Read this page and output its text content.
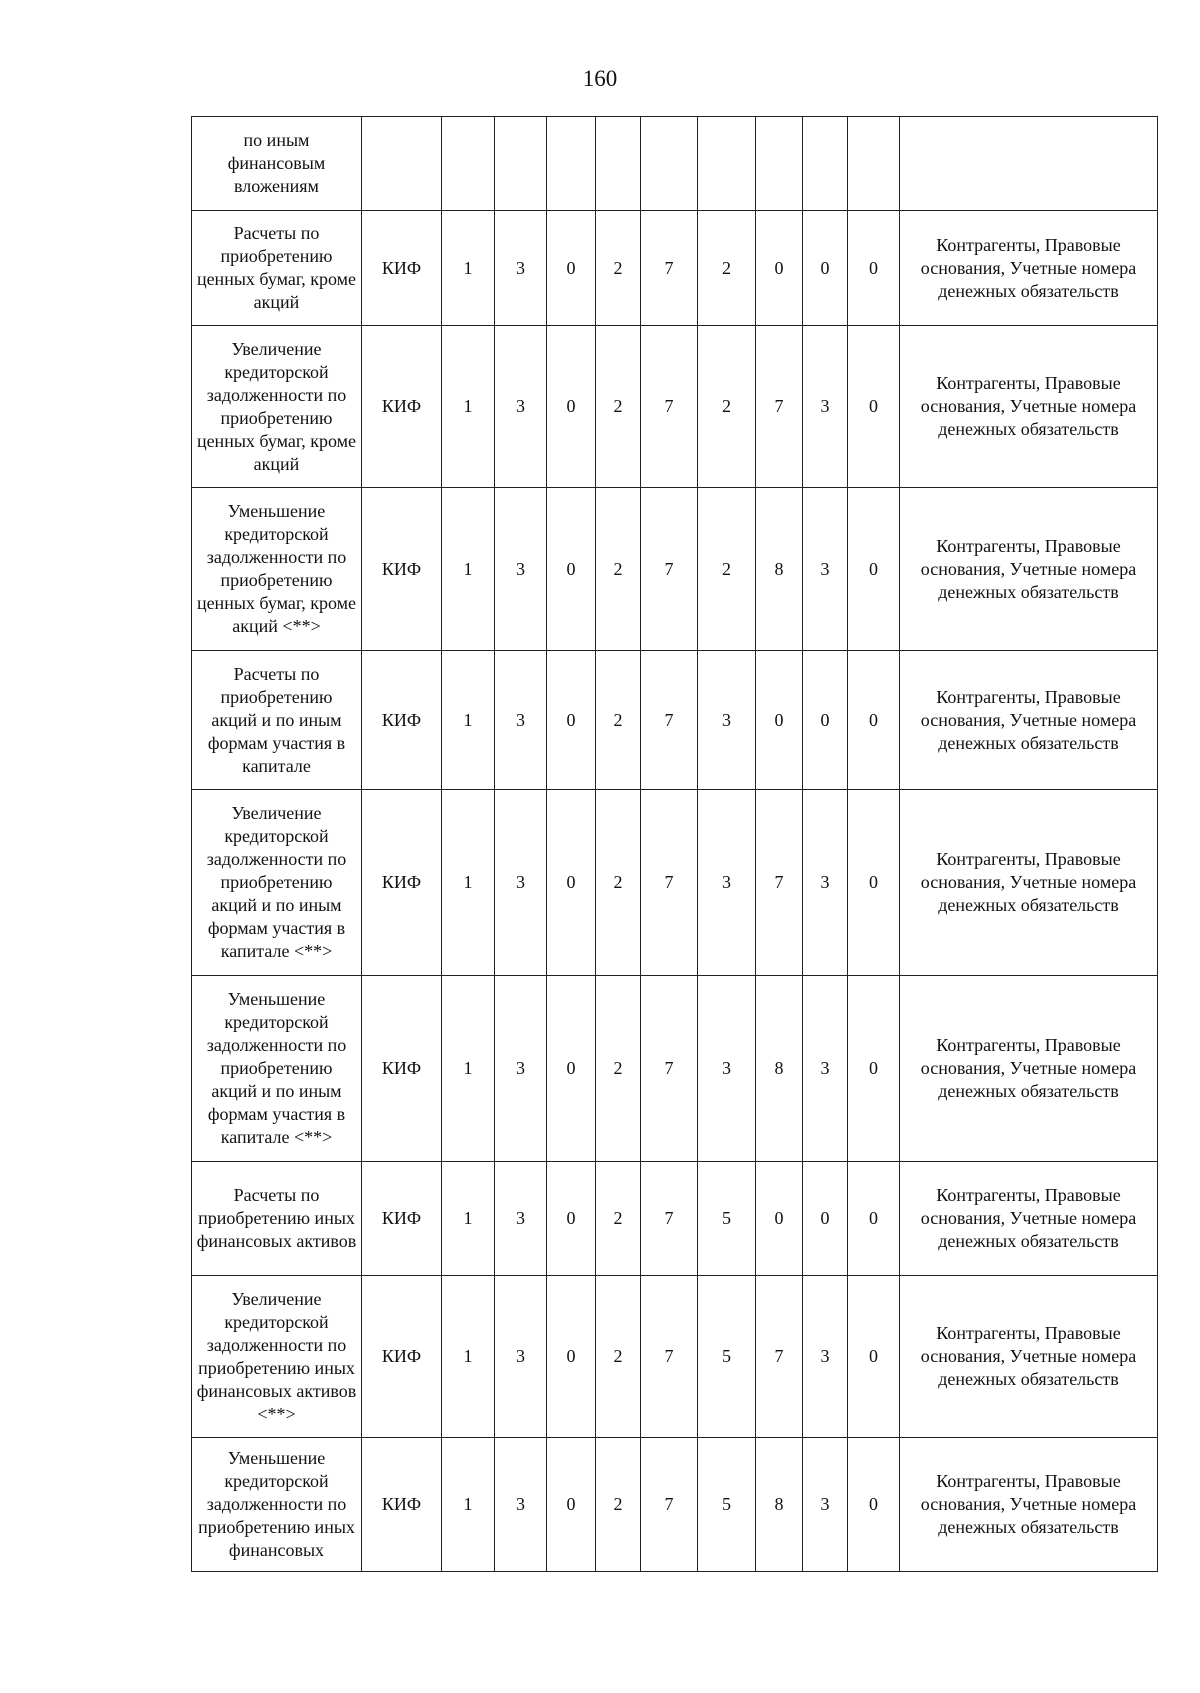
160
по иным финансовым вложениям											
Расчеты по приобретению ценных бумаг, кроме акций	КИФ	1	3	0	2	7	2	0	0	0	Контрагенты, Правовые основания, Учетные номера денежных обязательств
Увеличение кредиторской задолженности по приобретению ценных бумаг, кроме акций	КИФ	1	3	0	2	7	2	7	3	0	Контрагенты, Правовые основания, Учетные номера денежных обязательств
Уменьшение кредиторской задолженности по приобретению ценных бумаг, кроме акций <**>	КИФ	1	3	0	2	7	2	8	3	0	Контрагенты, Правовые основания, Учетные номера денежных обязательств
Расчеты по приобретению акций и по иным формам участия в капитале	КИФ	1	3	0	2	7	3	0	0	0	Контрагенты, Правовые основания, Учетные номера денежных обязательств
Увеличение кредиторской задолженности по приобретению акций и по иным формам участия в капитале <**>	КИФ	1	3	0	2	7	3	7	3	0	Контрагенты, Правовые основания, Учетные номера денежных обязательств
Уменьшение кредиторской задолженности по приобретению акций и по иным формам участия в капитале <**>	КИФ	1	3	0	2	7	3	8	3	0	Контрагенты, Правовые основания, Учетные номера денежных обязательств
Расчеты по приобретению иных финансовых активов	КИФ	1	3	0	2	7	5	0	0	0	Контрагенты, Правовые основания, Учетные номера денежных обязательств
Увеличение кредиторской задолженности по приобретению иных финансовых активов <**>	КИФ	1	3	0	2	7	5	7	3	0	Контрагенты, Правовые основания, Учетные номера денежных обязательств
Уменьшение кредиторской задолженности по приобретению иных финансовых	КИФ	1	3	0	2	7	5	8	3	0	Контрагенты, Правовые основания, Учетные номера денежных обязательств
